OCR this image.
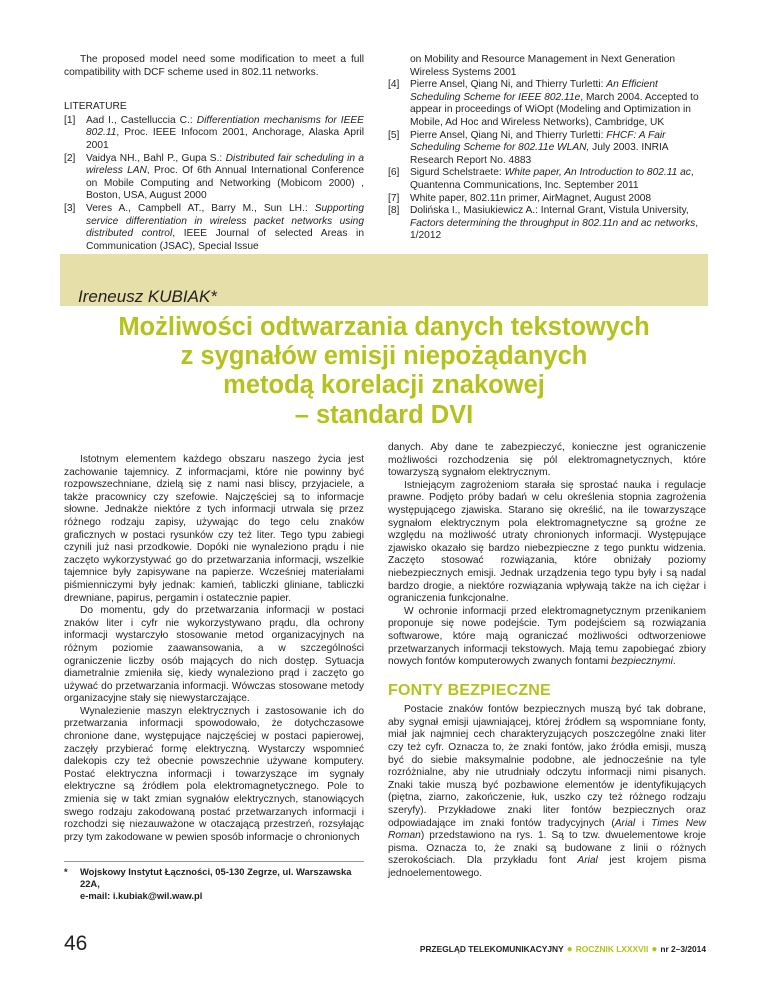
The proposed model need some modification to meet a full compatibility with DCF scheme used in 802.11 networks.

LITERATURE

[1]	Aad I., Castelluccia C.: Differentiation mechanisms for IEEE 802.11, Proc. IEEE Infocom 2001, Anchorage, Alaska April 2001
[2]	Vaidya NH., Bahl P., Gupa S.: Distributed fair scheduling in a wireless LAN, Proc. Of 6th Annual International Conference on Mobile Computing and Networking (Mobicom 2000) , Boston, USA, August 2000
[3]	Veres A., Campbell AT., Barry M., Sun LH.: Supporting service differentiation in wireless packet networks using distributed control, IEEE Journal of selected Areas in Communication (JSAC), Special Issue
on Mobility and Resource Management in Next Generation Wireless Systems 2001
[4]	Pierre Ansel, Qiang Ni, and Thierry Turletti: An Efficient Scheduling Scheme for IEEE 802.11e, March 2004. Accepted to appear in proceedings of WiOpt (Modeling and Optimization in Mobile, Ad Hoc and Wireless Networks), Cambridge, UK
[5]	Pierre Ansel, Qiang Ni, and Thierry Turletti: FHCF: A Fair Scheduling Scheme for 802.11e WLAN, July 2003. INRIA Research Report No. 4883
[6]	Sigurd Schelstraete: White paper, An Introduction to 802.11 ac, Quantenna Communications, Inc. September 2011
[7]	White paper, 802.11n primer, AirMagnet, August 2008
[8]	Dolińska I., Masiukiewicz A.: Internal Grant, Vistula University, Factors determining the throughput in 802.11n and ac networks, 1/2012
Ireneusz KUBIAK*
Możliwości odtwarzania danych tekstowych
z sygnałów emisji niepożądanych
metodą korelacji znakowej
– standard DVI

Istotnym elementem każdego obszaru naszego życia jest zachowanie tajemnicy. Z informacjami, które nie powinny być rozpowszechniane, dzielą się z nami nasi bliscy, przyjaciele, a także pracownicy czy szefowie. Najczęściej są to informacje słowne. Jednakże niektóre z tych informacji utrwala się przez różnego rodzaju zapisy, używając do tego celu znaków graficznych w postaci rysunków czy też liter. Tego typu zabiegi czynili już nasi przodkowie. Dopóki nie wynaleziono prądu i nie zaczęto wykorzystywać go do przetwarzania informacji, wszelkie tajemnice były zapisywane na papierze. Wcześniej materiałami piśmienniczymi były jednak: kamień, tabliczki gliniane, tabliczki drewniane, papirus, pergamin i ostatecznie papier.

Do momentu, gdy do przetwarzania informacji w postaci znaków liter i cyfr nie wykorzystywano prądu, dla ochrony informacji wystarczyło stosowanie metod organizacyjnych na różnym poziomie zaawansowania, a w szczególności ograniczenie liczby osób mających do nich dostęp. Sytuacja diametralnie zmieniła się, kiedy wynaleziono prąd i zaczęto go używać do przetwarzania informacji. Wówczas stosowane metody organizacyjne stały się niewystarczające.

Wynalezienie maszyn elektrycznych i zastosowanie ich do przetwarzania informacji spowodowało, że dotychczasowe chronione dane, występujące najczęściej w postaci papierowej, zaczęły przybierać formę elektryczną. Wystarczy wspomnieć dalekopis czy też obecnie powszechnie używane komputery. Postać elektryczna informacji i towarzyszące im sygnały elektryczne są źródłem pola elektromagnetycznego. Pole to zmienia się w takt zmian sygnałów elektrycznych, stanowiących swego rodzaju zakodowaną postać przetwarzanych informacji i rozchodzi się niezauważone w otaczającą przestrzeń, rozsyłając przy tym zakodowane w pewien sposób informacje o chronionych

danych. Aby dane te zabezpieczyć, konieczne jest ograniczenie możliwości rozchodzenia się pól elektromagnetycznych, które towarzyszą sygnałom elektrycznym.

Istniejącym zagrożeniom starała się sprostać nauka i regulacje prawne. Podjęto próby badań w celu określenia stopnia zagrożenia występującego zjawiska. Starano się określić, na ile towarzyszące sygnałom elektrycznym pola elektromagnetyczne są groźne ze względu na możliwość utraty chronionych informacji. Występujące zjawisko okazało się bardzo niebezpieczne z tego punktu widzenia. Zaczęto stosować rozwiązania, które obniżały poziomy niebezpiecznych emisji. Jednak urządzenia tego typu były i są nadal bardzo drogie, a niektóre rozwiązania wpływają także na ich ciężar i ograniczenia funkcjonalne.

W ochronie informacji przed elektromagnetycznym przenikaniem proponuje się nowe podejście. Tym podejściem są rozwiązania softwarowe, które mają ograniczać możliwości odtworzeniowe przetwarzanych informacji tekstowych. Mają temu zapobiegać zbiory nowych fontów komputerowych zwanych fontami bezpiecznymi.

FONTY BEZPIECZNE

Postacie znaków fontów bezpiecznych muszą być tak dobrane, aby sygnał emisji ujawniającej, której źródłem są wspomniane fonty, miał jak najmniej cech charakteryzujących poszczególne znaki liter czy też cyfr. Oznacza to, że znaki fontów, jako źródła emisji, muszą być do siebie maksymalnie podobne, ale jednocześnie na tyle rozróżnialne, aby nie utrudniały odczytu informacji nimi pisanych. Znaki takie muszą być pozbawione elementów je identyfikujących (piętna, ziarno, zakończenie, łuk, uszko czy też różnego rodzaju szeryfy). Przykładowe znaki liter fontów bezpiecznych oraz odpowiadające im znaki fontów tradycyjnych (Arial i Times New Roman) przedstawiono na rys. 1. Są to tzw. dwuelementowe kroje pisma. Oznacza to, że znaki są budowane z linii o różnych szerokościach. Dla przykładu font Arial jest krojem pisma jednoelementowego.

*	Wojskowy Instytut Łączności, 05-130 Zegrze, ul. Warszawska 22A,
e-mail: i.kubiak@wil.waw.pl
46	PRZEGLĄD TELEKOMUNIKACYJNY ● ROCZNIK LXXXVII ● nr 2–3/2014
